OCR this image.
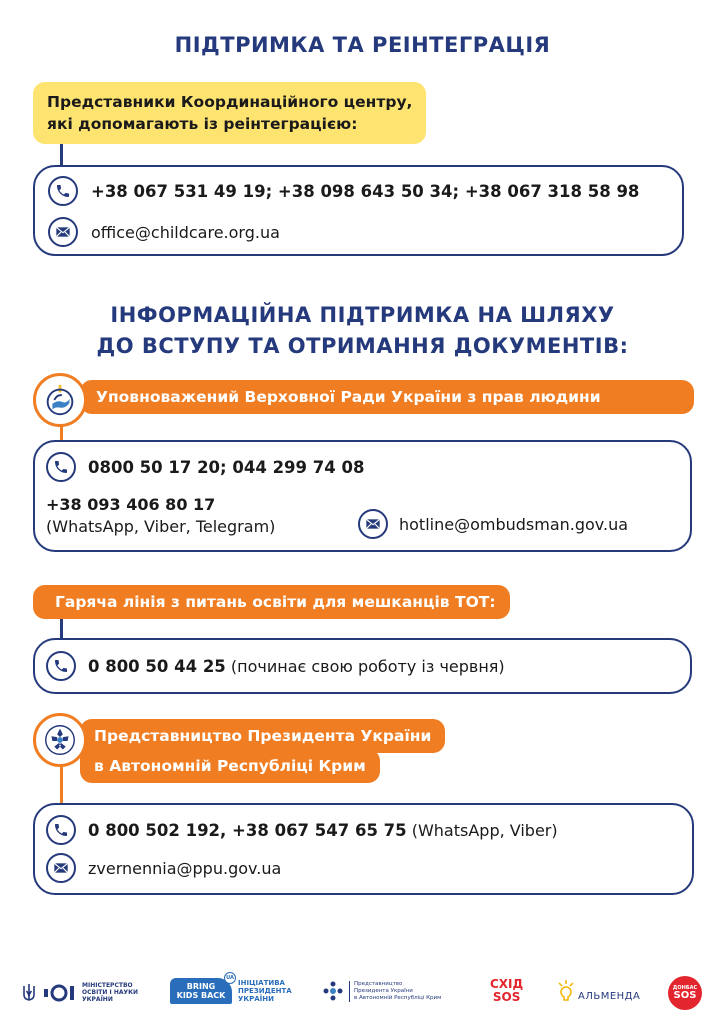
ПІДТРИМКА ТА РЕІНТЕГРАЦІЯ
Представники Координаційного центру,
які допомагають із реінтеграцією:
+38 067 531 49 19; +38 098 643 50 34; +38 067 318 58 98
office@childcare.org.ua
ІНФОРМАЦІЙНА ПІДТРИМКА НА ШЛЯХУ
ДО ВСТУПУ ТА ОТРИМАННЯ ДОКУМЕНТІВ:
Уповноважений Верховної Ради України з прав людини
0800 50 17 20; 044 299 74 08
+38 093 406 80 17
(WhatsApp, Viber, Telegram)	hotline@ombudsman.gov.ua
Гаряча лінія з питань освіти для мешканців ТОТ:
0 800 50 44 25 (починає свою роботу із червня)
Представництво Президента України
в Автономній Республіці Крим
0 800 502 192, +38 067 547 65 75 (WhatsApp, Viber)
zvernennia@ppu.gov.ua
МІНІСТЕРСТВО
ОСВІТИ І НАУКИ
УКРАЇНИ
BRING
KIDS BACK
UA
ІНІЦІАТИВА
ПРЕЗИДЕНТА
УКРАЇНИ
Представництво
Президента України
в Автономній Республіці Крим
СХІД
SOS	АЛЬМЕНДА
ДОНБАС
SOS
